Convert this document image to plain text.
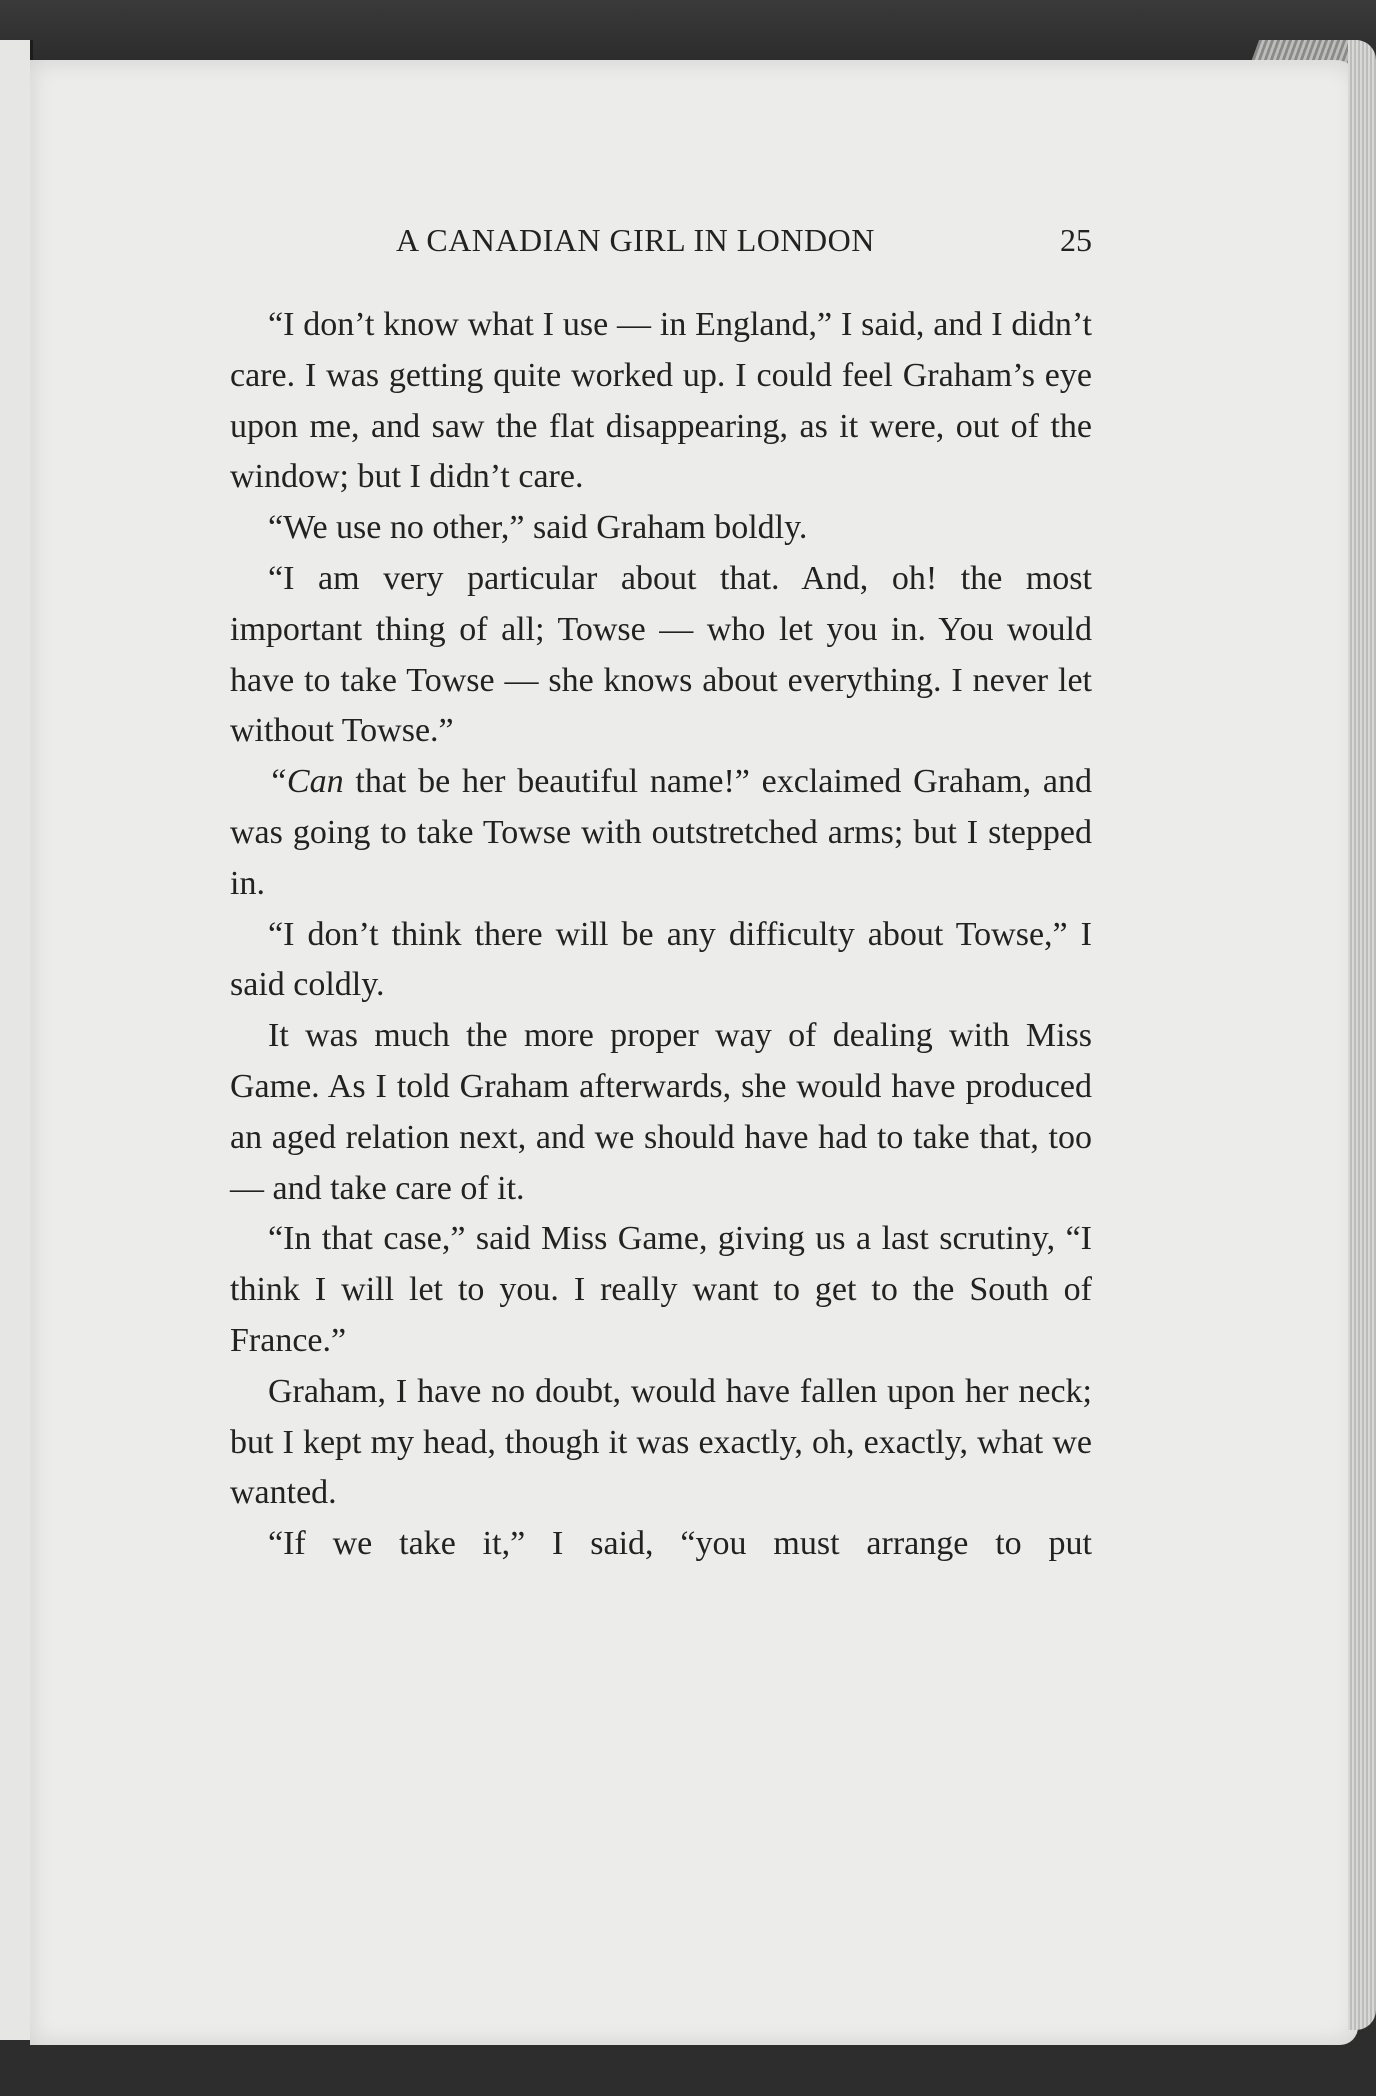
A CANADIAN GIRL IN LONDON	25

“I don’t know what I use — in England,” I said, and I didn’t care. I was getting quite worked up. I could feel Graham’s eye upon me, and saw the flat disappearing, as it were, out of the window; but I didn’t care.

“We use no other,” said Graham boldly.

“I am very particular about that. And, oh! the most important thing of all; Towse — who let you in. You would have to take Towse — she knows about everything. I never let without Towse.”

“Can that be her beautiful name!” exclaimed Graham, and was going to take Towse with outstretched arms; but I stepped in.

“I don’t think there will be any difficulty about Towse,” I said coldly.

It was much the more proper way of dealing with Miss Game. As I told Graham afterwards, she would have produced an aged relation next, and we should have had to take that, too — and take care of it.

“In that case,” said Miss Game, giving us a last scrutiny, “I think I will let to you. I really want to get to the South of France.”

Graham, I have no doubt, would have fallen upon her neck; but I kept my head, though it was exactly, oh, exactly, what we wanted.

“If we take it,” I said, “you must arrange to put
